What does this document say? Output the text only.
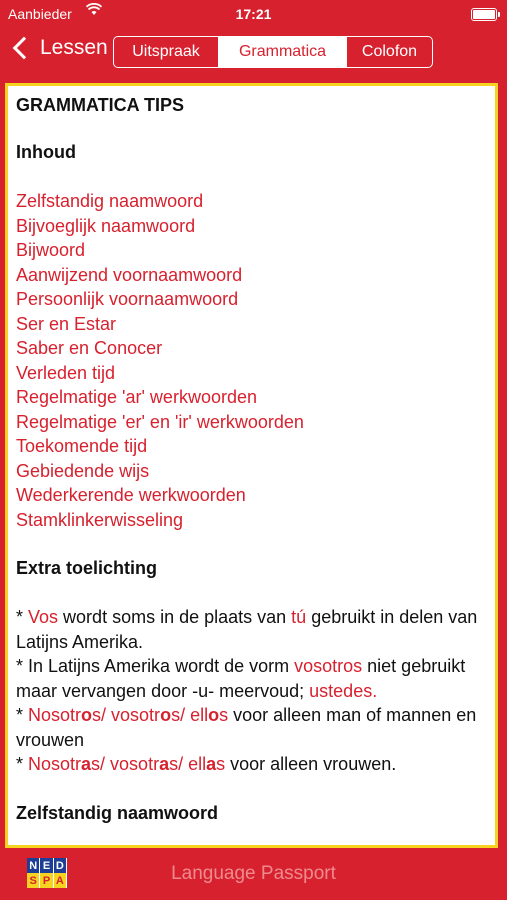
Aanbieder	17:21
Lessen	Uitspraak	Grammatica	Colofon
GRAMMATICA TIPS
Inhoud
Zelfstandig naamwoord
Bijvoeglijk naamwoord
Bijwoord
Aanwijzend voornaamwoord
Persoonlijk voornaamwoord
Ser en Estar
Saber en Conocer
Verleden tijd
Regelmatige 'ar' werkwoorden
Regelmatige 'er' en 'ir' werkwoorden
Toekomende tijd
Gebiedende wijs
Wederkerende werkwoorden
Stamklinkerwisseling
Extra toelichting
* Vos wordt soms in de plaats van tú gebruikt in delen van Latijns Amerika.
* In Latijns Amerika wordt de vorm vosotros niet gebruikt maar vervangen door -u- meervoud; ustedes.
* Nosotros/ vosotros/ ellos voor alleen man of mannen en vrouwen
* Nosotras/ vosotras/ ellas voor alleen vrouwen.
Zelfstandig naamwoord
N E D
S P A	Language Passport
